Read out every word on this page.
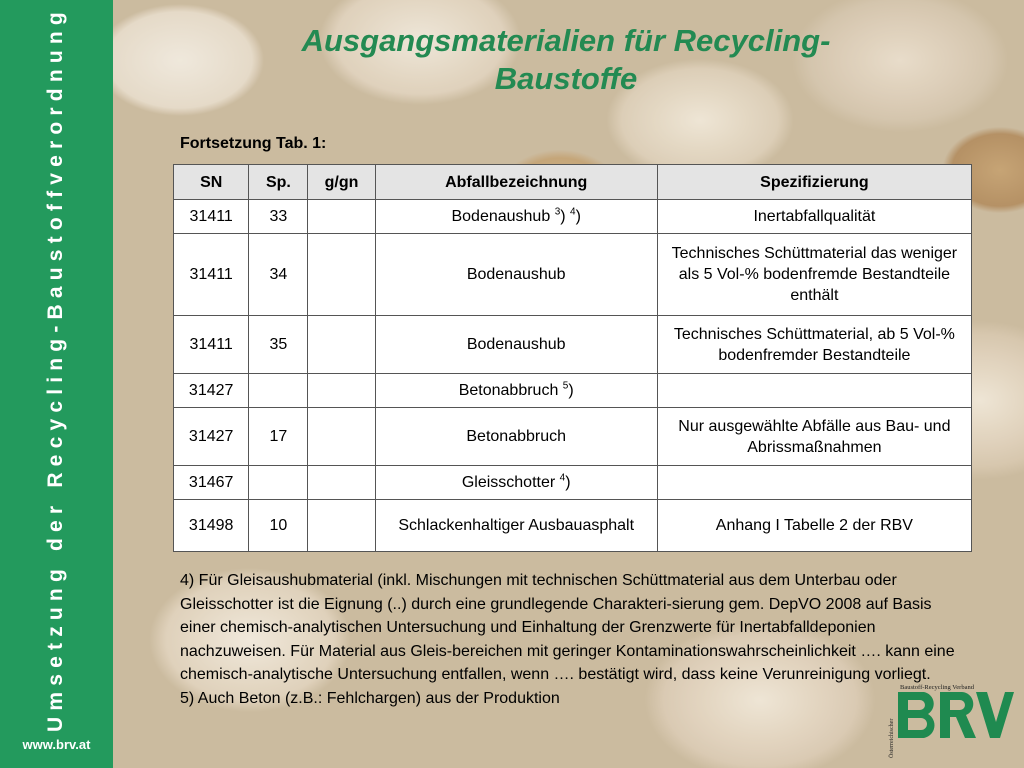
Umsetzung der Recycling-Baustoffverordnung
www.brv.at
Ausgangsmaterialien für Recycling-
Baustoffe
Fortsetzung Tab. 1:
SN	Sp.	g/gn	Abfallbezeichnung	Spezifizierung
31411	33		Bodenaushub $^3$) $^4$)	Inertabfallqualität
31411	34		Bodenaushub	Technisches Schüttmaterial das weniger als 5 Vol-% bodenfremde Bestandteile enthält
31411	35		Bodenaushub	Technisches Schüttmaterial, ab 5 Vol-% bodenfremder Bestandteile
31427			Betonabbruch $^5$)	
31427	17		Betonabbruch	Nur ausgewählte Abfälle aus Bau- und Abrissmaßnahmen
31467			Gleisschotter $^4$)	
31498	10		Schlackenhaltiger Ausbauasphalt	Anhang I Tabelle 2 der RBV

4) Für Gleisaushubmaterial (inkl. Mischungen mit technischen Schüttmaterial aus dem Unterbau oder Gleisschotter ist die Eignung (..) durch eine grundlegende Charakteri-sierung gem. DepVO 2008 auf Basis einer chemisch-analytischen Untersuchung und Einhaltung der Grenzwerte für Inertabfalldeponien nachzuweisen. Für Material aus Gleis-bereichen mit geringer Kontaminationswahrscheinlichkeit …. kann eine chemisch-analytische Untersuchung entfallen, wenn …. bestätigt wird, dass keine Verunreinigung vorliegt.

5) Auch Beton (z.B.: Fehlchargen) aus der Produktion

Baustoff-Recycling Verband
Österreichischer
